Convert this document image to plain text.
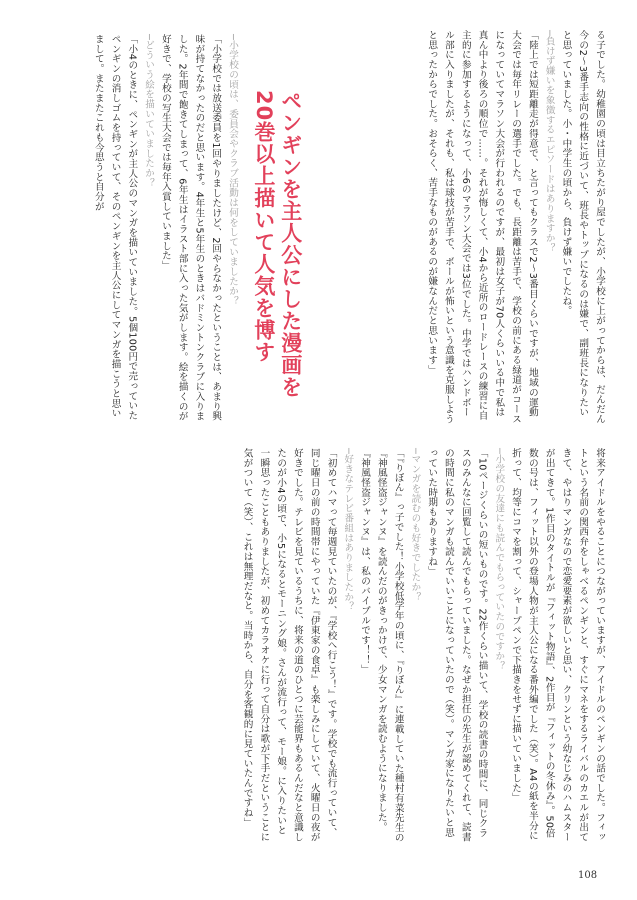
る子でした。幼稚園の頃は目立ちたがり屋でしたが、小学校に上がってからは、だんだん今の2〜3番手志向の性格に近づいて、班長やトップになるのは嫌で、副班長になりたいと思っていました。小・中学生の頃から、負けず嫌いでしたね。

─負けず嫌いを象徴するエピソードはありますか？

「陸上では短距離走が得意で、と言ってもクラスで2〜3番目くらいですが、地域の運動大会では毎年リレーの選手でした。でも、長距離は苦手で、学校の前にある緑道がコースになっていてマラソン大会が行われるのですが、最初は女子が70人くらいいる中で私は真ん中より後ろの順位で……。それが悔しくて、小4から近所のロードレースの練習に自主的に参加するようになって、小6のマラソン大会では3位でした。中学ではハンドボール部に入りましたが、それも、私は球技が苦手で、ボールが怖いという意識を克服しようと思ったからでした。おそらく、苦手なものがあるのが嫌なんだと思います」

ペンギンを主人公にした漫画を20巻以上描いて人気を博す

─小学校の頃は、委員会やクラブ活動は何をしていましたか？

「小学校では放送委員を1回やりましたけど、2回やらなかったということは、あまり興味が持てなかったのだと思います。4年生と5年生のときはバドミントンクラブに入りました。2年間で飽きてしまって、6年生はイラスト部に入った気がします。絵を描くのが好きで、学校の写生大会では毎年入賞していました」

─どういう絵を描いていましたか？

「小4のときに、ペンギンが主人公のマンガを描いていました。5個100円で売っていたペンギンの消しゴムを持っていて、そのペンギンを主人公にしてマンガを描こうと思いまして。またまたこれも今思うと自分が

将来アイドルをやることにつながっていますが、アイドルのペンギンの話でした。フィットという名前の関西弁をしゃべるペンギンと、すぐにマネをするライバルのカエルが出てきて、やはりマンガなので恋愛要素が欲しいと思い、クリンという幼なじみのハムスターが出てきて。1作目のタイトルが『フィット物語』、2作目が『フィットの冬休み』。50倍数の号は、フィット以外の登場人物が主人公になる番外編でした（笑）。A4の紙を半分に折って、均等にコマを割って、シャープペンで下描きをせずに描いていました」

─小学校の友達にも読んでもらっていたのですか？

「10ページくらいの短いものです。22作くらい描いて、学校の読書の時間に、同じクラスのみんなに回覧して読んでもらっていました。なぜか担任の先生が認めてくれて、読書の時間に私のマンガも読んでいいことになっていたので（笑）。マンガ家になりたいと思っていた時期もありますね」

─マンガを読むのも好きでしたか？

「『りぼん』っ子でした！小学校低学年の頃に、『りぼん』に連載していた種村有菜先生の『神風怪盗ジャンヌ』を読んだのがきっかけで、少女マンガを読むようになりました。『神風怪盗ジャンヌ』は、私のバイブルです！！」

─好きなテレビ番組はありましたか？

「初めてハマって毎週見ていたのが、『学校へ行こう！』です。学校でも流行っていて、同じ曜日の前の時間帯にやっていた『伊東家の食卓』も楽しみにしていて、火曜日の夜が好きでした。テレビを見ているうちに、将来の道のひとつに芸能界もあるんだなと意識したのが小4の頃で、小5になるとモーニング娘。さんが流行って、モー娘。に入りたいと一瞬思ったこともありましたが、初めてカラオケに行って自分は歌が下手だということに気がついて（笑）、これは無理だなと。当時から、自分を客観的に見ていたんですね」

108
